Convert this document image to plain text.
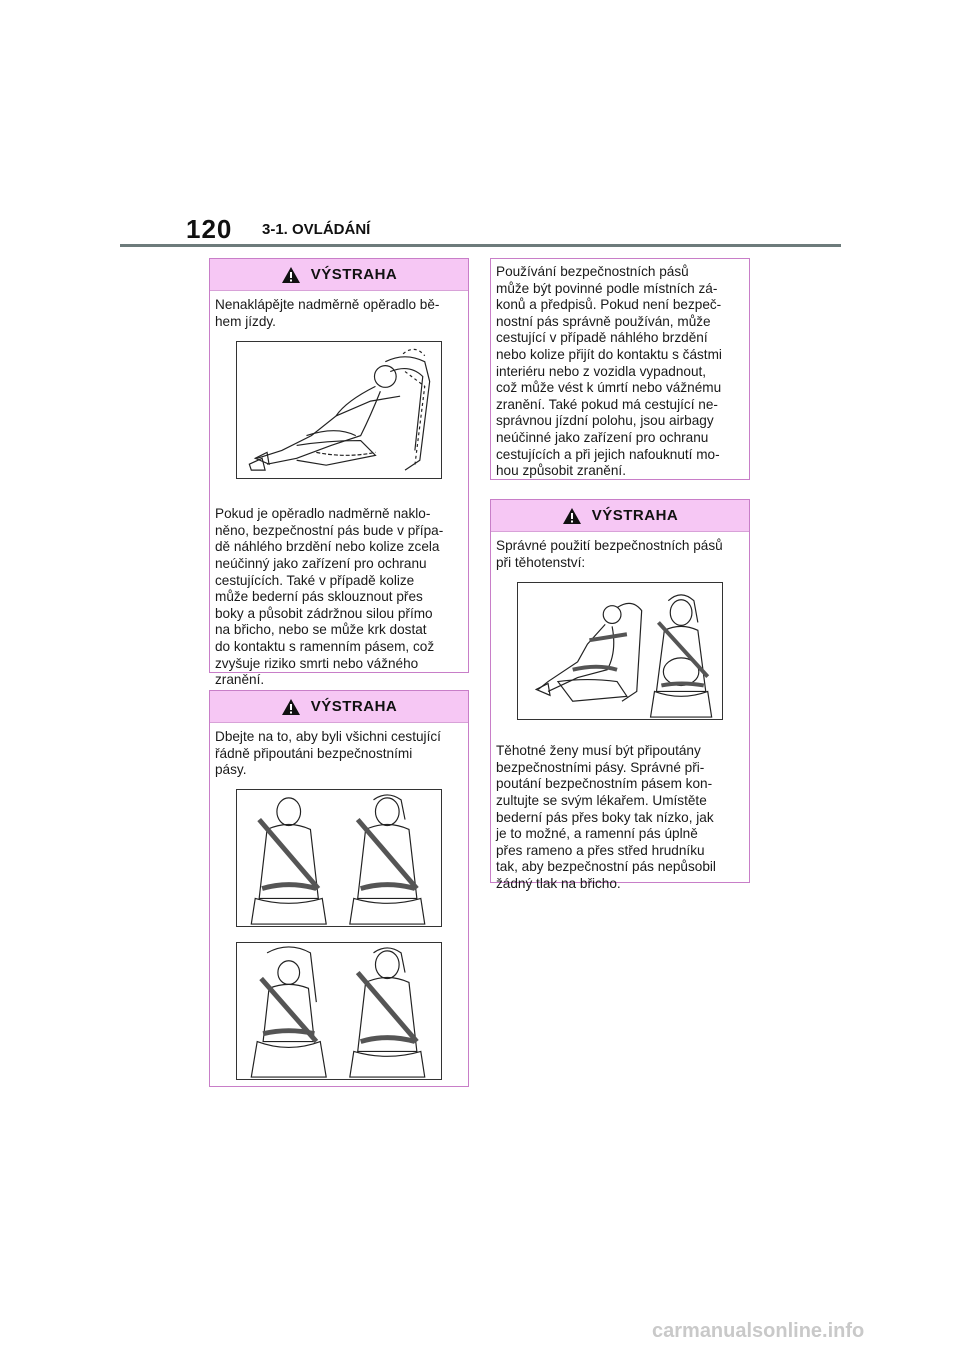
120 3-1. OVLÁDÁNÍ
VÝSTRAHA

Nenaklápějte nadměrně opěradlo bě-
hem jízdy.

Pokud je opěradlo nadměrně naklo-
něno, bezpečnostní pás bude v přípa-
dě náhlého brzdění nebo kolize zcela
neúčinný jako zařízení pro ochranu
cestujících. Také v případě kolize
může bederní pás sklouznout přes
boky a působit zádržnou silou přímo
na břicho, nebo se může krk dostat
do kontaktu s ramenním pásem, což
zvyšuje riziko smrti nebo vážného
zranění.

VÝSTRAHA

Dbejte na to, aby byli všichni cestující
řádně připoutáni bezpečnostními
pásy.

Používání bezpečnostních pásů
může být povinné podle místních zá-
konů a předpisů. Pokud není bezpeč-
nostní pás správně používán, může
cestující v případě náhlého brzdění
nebo kolize přijít do kontaktu s částmi
interiéru nebo z vozidla vypadnout,
což může vést k úmrtí nebo vážnému
zranění. Také pokud má cestující ne-
správnou jízdní polohu, jsou airbagy
neúčinné jako zařízení pro ochranu
cestujících a při jejich nafouknutí mo-
hou způsobit zranění.

VÝSTRAHA

Správné použití bezpečnostních pásů
při těhotenství:

Těhotné ženy musí být připoutány
bezpečnostními pásy. Správné při-
poutání bezpečnostním pásem kon-
zultujte se svým lékařem. Umístěte
bederní pás přes boky tak nízko, jak
je to možné, a ramenní pás úplně
přes rameno a přes střed hrudníku
tak, aby bezpečnostní pás nepůsobil
žádný tlak na břicho.

carmanualsonline.info
